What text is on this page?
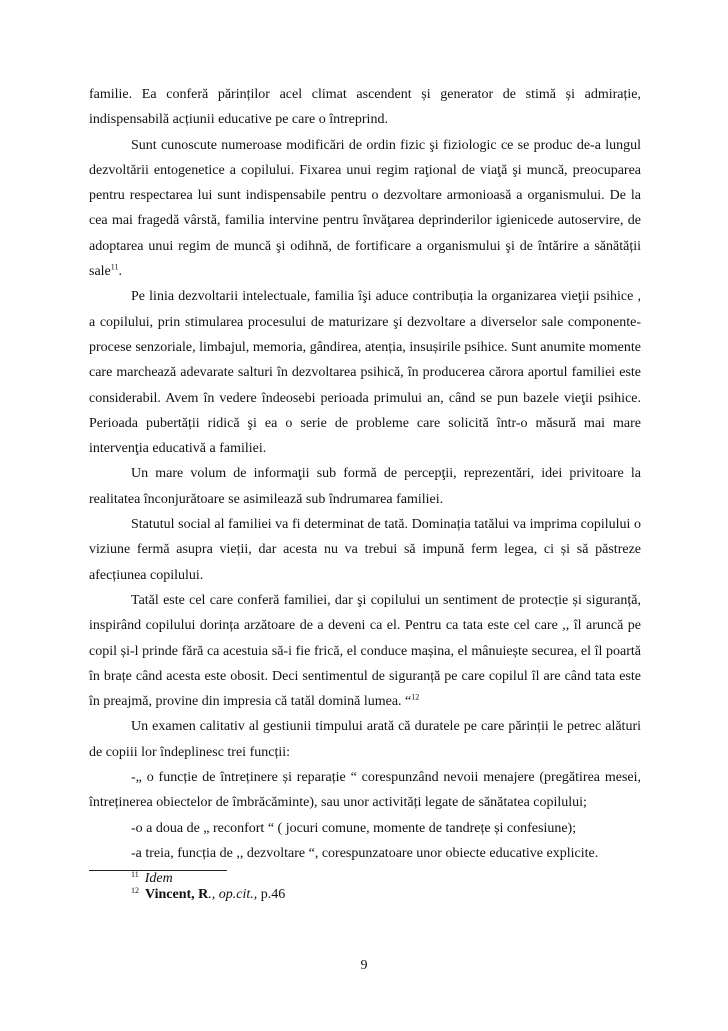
familie. Ea conferă părinților acel climat ascendent și generator de stimă și admirație, indispensabilă acțiunii educative pe care o întreprind.

Sunt cunoscute numeroase modificări de ordin fizic şi fiziologic ce se produc de-a lungul dezvoltării entogenetice a copilului. Fixarea unui regim raţional de viaţă şi muncă, preocuparea pentru respectarea lui sunt indispensabile pentru o dezvoltare armonioasă a organismului. De la cea mai fragedă vârstă, familia intervine pentru învăţarea deprinderilor igienicede autoservire, de adoptarea unui regim de muncă şi odihnă, de fortificare a organismului şi de întărire a sănătății sale$^{11}$.

Pe linia dezvoltarii intelectuale, familia îşi aduce contribuția la organizarea vieţii psihice , a copilului, prin stimularea procesului de maturizare şi dezvoltare a diverselor sale componente- procese senzoriale, limbajul, memoria, gândirea, atenția, insușirile psihice. Sunt anumite momente care marchează adevarate salturi în dezvoltarea psihică, în producerea cărora aportul familiei este considerabil. Avem în vedere îndeosebi perioada primului an, când se pun bazele vieţii psihice. Perioada pubertății ridică şi ea o serie de probleme care solicită într-o măsură mai mare intervenţia educativă a familiei.

Un mare volum de informaţii sub formă de percepţii, reprezentări, idei privitoare la realitatea înconjurătoare se asimilează sub îndrumarea familiei.

Statutul social al familiei va fi determinat de tată. Dominația tatălui va imprima copilului o viziune fermă asupra vieții, dar acesta nu va trebui să impună ferm legea, ci și să păstreze afecțiunea copilului.

Tatăl este cel care conferă familiei, dar şi copilului un sentiment de protecție și siguranță, inspirând copilului dorința arzătoare de a deveni ca el. Pentru ca tata este cel care ,, îl aruncă pe copil și-l prinde fără ca acestuia să-i fie frică, el conduce mașina, el mânuiește securea, el îl poartă în brațe când acesta este obosit. Deci sentimentul de siguranță pe care copilul îl are când tata este în preajmă, provine din impresia că tatăl domină lumea. “$^{12}$

Un examen calitativ al gestiunii timpului arată că duratele pe care părinții le petrec alături de copiii lor îndeplinesc trei funcții:

-„ o funcție de întreținere și reparație “ corespunzând nevoii menajere (pregătirea mesei, întreținerea obiectelor de îmbrăcăminte), sau unor activități legate de sănătatea copilului;

-o a doua de „ reconfort “ ( jocuri comune, momente de tandrețe și confesiune);

-a treia, funcția de ,, dezvoltare “, corespunzatoare unor obiecte educative explicite.

$^{11}$ Idem

$^{12}$ Vincent, R., op.cit., p.46

9
